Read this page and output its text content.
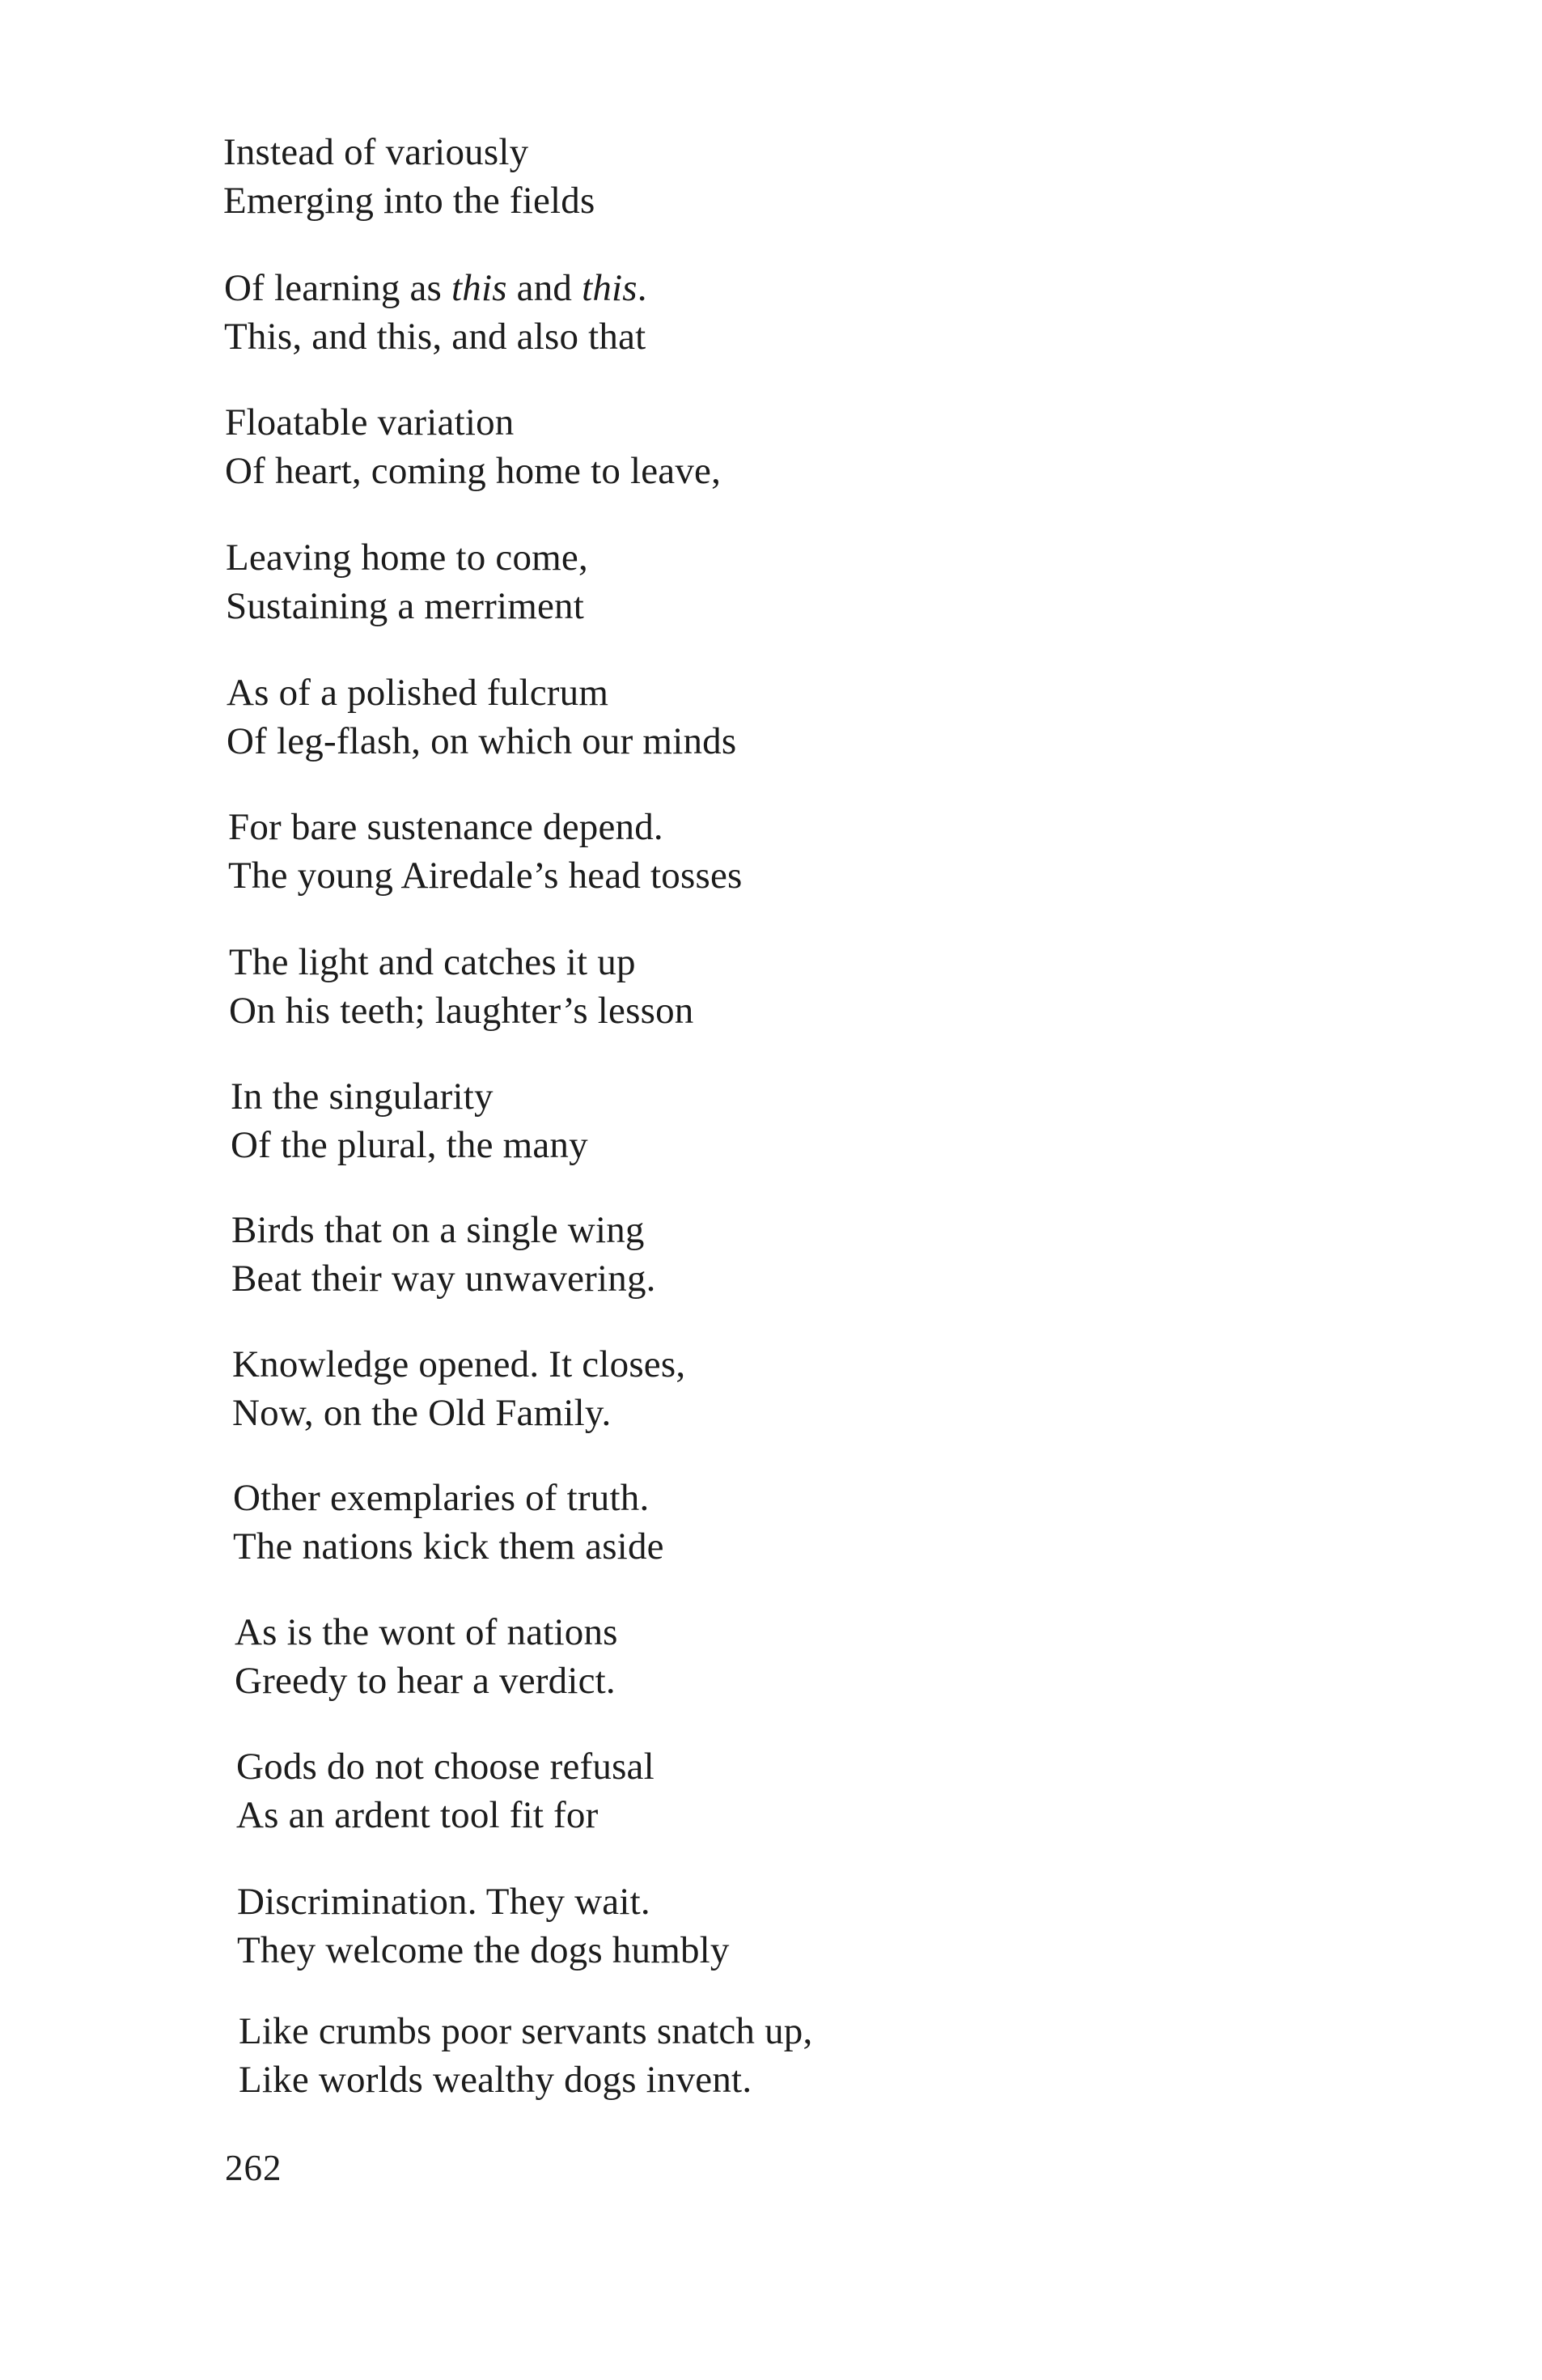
Instead of variously
Emerging into the fields
Of learning as this and this.
This, and this, and also that
Floatable variation
Of heart, coming home to leave,
Leaving home to come,
Sustaining a merriment
As of a polished fulcrum
Of leg-flash, on which our minds
For bare sustenance depend.
The young Airedale’s head tosses
The light and catches it up
On his teeth; laughter’s lesson
In the singularity
Of the plural, the many
Birds that on a single wing
Beat their way unwavering.
Knowledge opened. It closes,
Now, on the Old Family.
Other exemplaries of truth.
The nations kick them aside
As is the wont of nations
Greedy to hear a verdict.
Gods do not choose refusal
As an ardent tool fit for
Discrimination. They wait.
They welcome the dogs humbly
Like crumbs poor servants snatch up,
Like worlds wealthy dogs invent.
262
